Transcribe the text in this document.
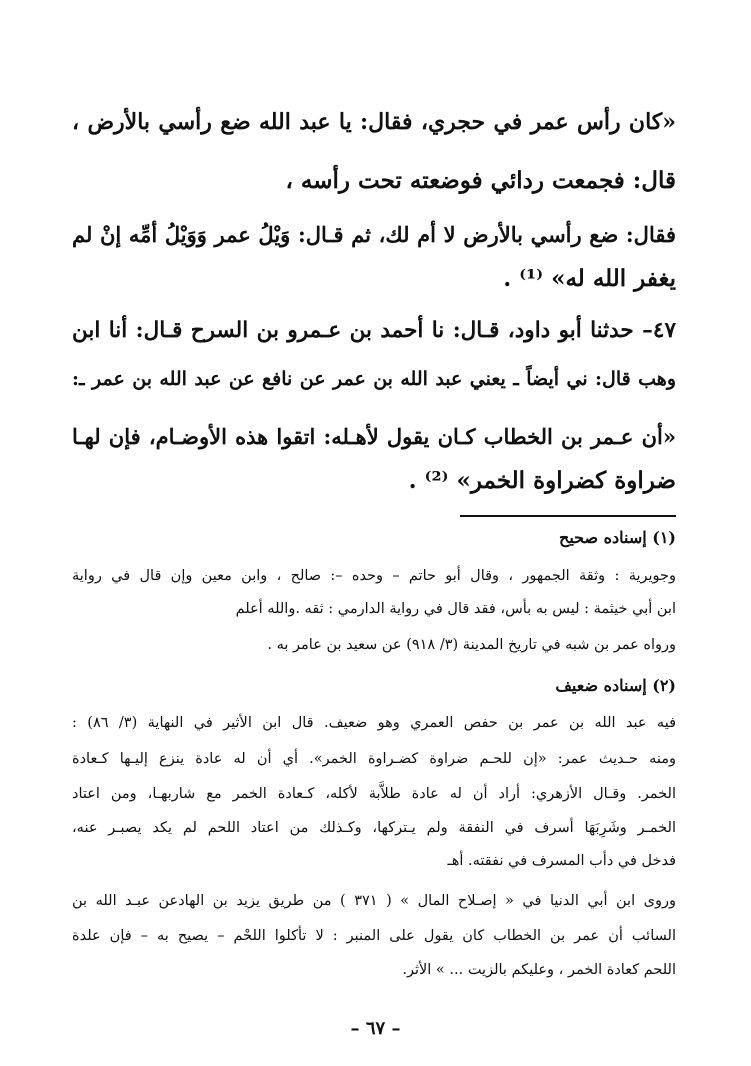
«كان رأس عمر في حجري، فقال: يا عبد الله ضع رأسي بالأرض ،
قال: فجمعت ردائي فوضعته تحت رأسه ،
فقال: ضع رأسي بالأرض لا أم لك، ثم قـال: وَيْلُ عمر وَوَيْلُ أمِّه إنْ لم
يغفر الله له» ⁽¹⁾ .
٤٧– حدثنا أبو داود، قـال: نا أحمد بن عـمرو بن السرح قـال: أنا ابن
وهب قال: ني أيضاً ـ يعني عبد الله بن عمر عن نافع عن عبد الله بن عمر ـ:
«أن عـمر بن الخطاب كـان يقول لأهـله: اتقوا هذه الأوضـام، فإن لهـا
ضراوة كضراوة الخمر» ⁽²⁾ .
(١) إسناده صحيح
وجويرية : وثقة الجمهور ، وقال أبو حاتم – وحده –: صالح ، وابن معين وإن قال في رواية
ابن أبي خيثمة : ليس به بأس، فقد قال في رواية الدارمي : ثقه .والله أعلم
ورواه عمر بن شبه في تاريخ المدينة (٣/ ٩١٨) عن سعيد بن عامر به .
(٢) إسناده ضعيف
فيه عبد الله بن عمر بن حفص العمري وهو ضعيف. قال ابن الأثير في النهاية (٣/ ٨٦) :
ومنه حـديث عمر: «إن للحـم ضراوة كضـراوة الخمر». أي أن له عادة ينزع إليـها كـعادة
الخمر. وقـال الأزهري: أراد أن له عادة طلاَّبة لأكله، كـعادة الخمر مع شاربهـا، ومن اعتاد
الخمـر وشَرِبَهَا أسرف في النفقة ولم يـتركها، وكـذلك من اعتاد اللحم لم يكد يصبـر عنه،
فدخل في دأب المسرف في نفقته. أهـ
وروى ابن أبي الدنيا في « إصـلاح المال » ( ٣٧١ ) من طريق يزيد بن الهادعن عبـد الله بن
السائب أن عمر بن الخطاب كان يقول على المنبر : لا تأكلوا اللحْم – يصيح به – فإن علدة
اللحم كعادة الخمر ، وعليكم بالزيت ... » الأثر.
– ٦٧ –
